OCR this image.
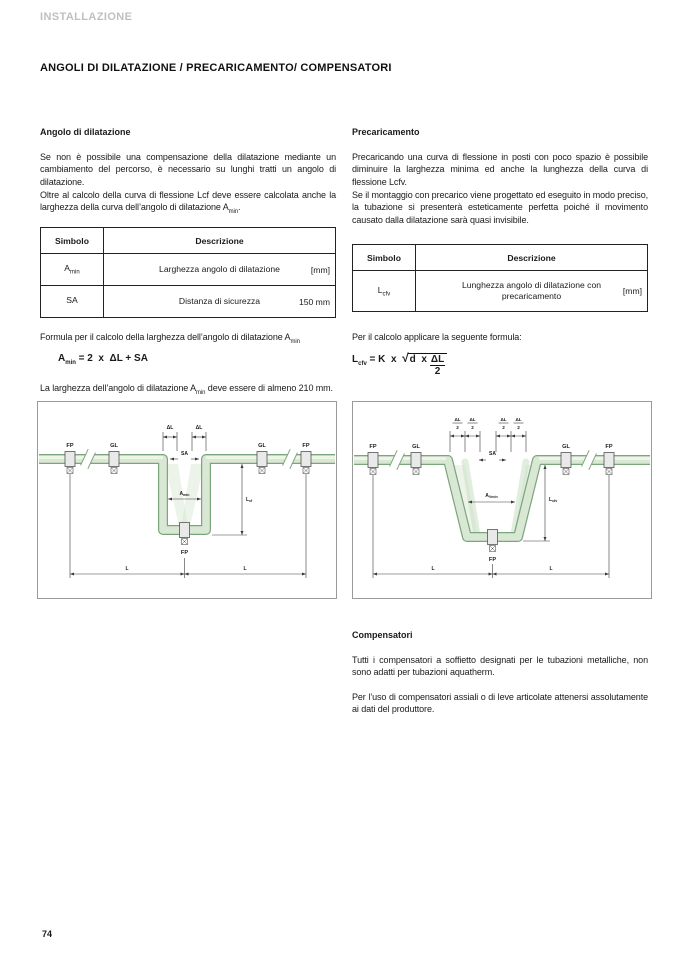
INSTALLAZIONE
ANGOLI DI DILATAZIONE / PRECARICAMENTO/ COMPENSATORI
Angolo di dilatazione
Se non è possibile una compensazione della dilatazione mediante un cambiamento del percorso, è necessario su lunghi tratti un angolo di dilatazione.
Oltre al calcolo della curva di flessione Lcf deve essere calcolata anche la larghezza della curva dell’angolo di dilatazione $A_{min}$.
Simbolo	Descrizione
$A_{min}$	Larghezza angolo di dilatazione [mm]

SA	Distanza di sicurezza 150 mm
Formula per il calcolo della larghezza dell’angolo di dilatazione $A_{min}$
$A_{min} = 2$  x  ΔL + SA
La larghezza dell’angolo di dilatazione $A_{min}$ deve essere di almeno 210 mm.
FP	GL	GL	FP
FP
ΔL	ΔL
SA
$A_{min}$
$L_{cf}$
L	L
Precaricamento
Precaricando una curva di flessione in posti con poco spazio è possibile diminuire la larghezza minima ed anche la lunghezza della curva di flessione Lcfv.
Se il montaggio con precarico viene progettato ed eseguito in modo preciso, la tubazione si presenterà esteticamente perfetta poiché il movimento causato dalla dilatazione sarà quasi invisibile.
Simbolo	Descrizione
$L_{cfv}$	Lunghezza angolo di dilatazione con precaricamento [mm]
Per il calcolo applicare la seguente formula:
$L_{cfv} = K$  x  √d  x $\frac{\Delta L}{2}$
FP	GL	GL	FP
FP
ΔL
2
ΔL
2
ΔL
2
ΔL
2
SA
$A_{Vmin}$	$L_{cfv}$
L	L
Compensatori
Tutti i compensatori a soffietto designati per le tubazioni metalliche, non sono adatti per tubazioni aquatherm.
Per l’uso di compensatori assiali o di leve articolate attenersi assolutamente ai dati del produttore.
74
